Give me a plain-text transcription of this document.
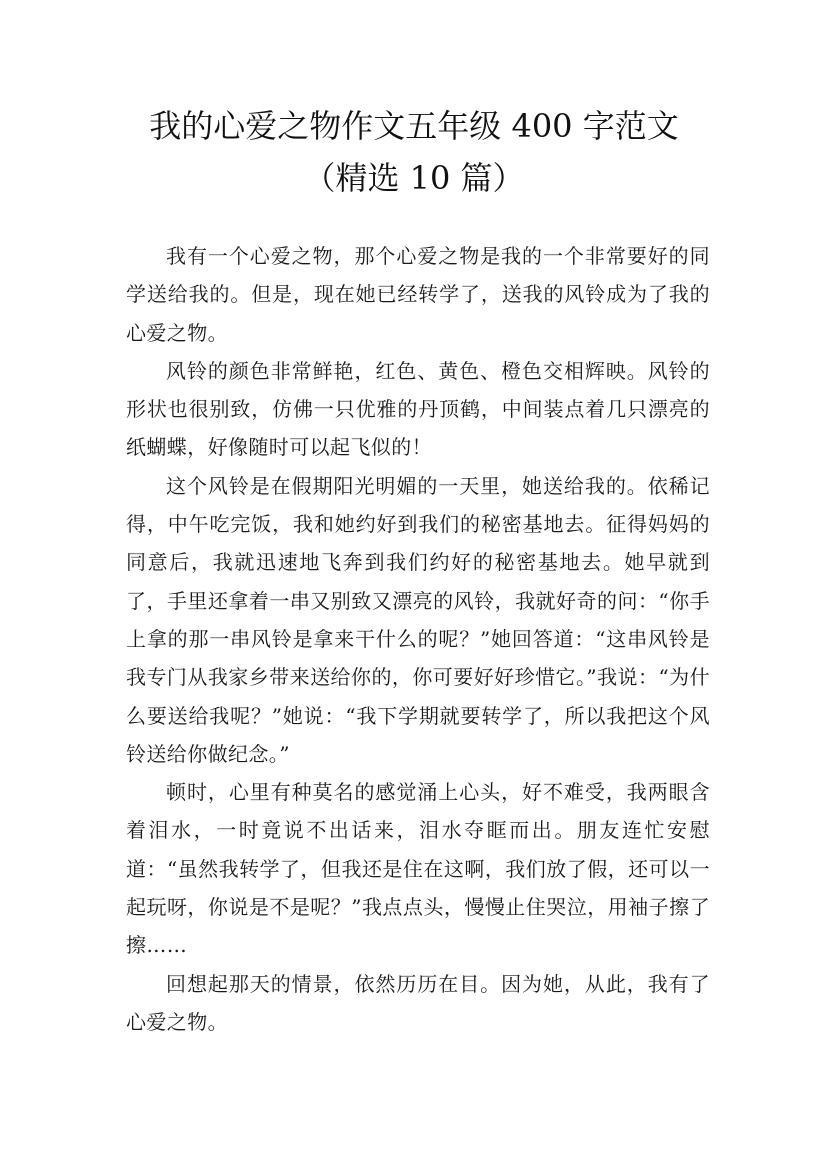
我的心爱之物作文五年级 400 字范文（精选 10 篇）

我有一个心爱之物，那个心爱之物是我的一个非常要好的同学送给我的。但是，现在她已经转学了，送我的风铃成为了我的心爱之物。

风铃的颜色非常鲜艳，红色、黄色、橙色交相辉映。风铃的形状也很别致，仿佛一只优雅的丹顶鹤，中间装点着几只漂亮的纸蝴蝶，好像随时可以起飞似的！

这个风铃是在假期阳光明媚的一天里，她送给我的。依稀记得，中午吃完饭，我和她约好到我们的秘密基地去。征得妈妈的同意后，我就迅速地飞奔到我们约好的秘密基地去。她早就到了，手里还拿着一串又别致又漂亮的风铃，我就好奇的问：“你手上拿的那一串风铃是拿来干什么的呢？”她回答道：“这串风铃是我专门从我家乡带来送给你的，你可要好好珍惜它。”我说：“为什么要送给我呢？”她说：“我下学期就要转学了，所以我把这个风铃送给你做纪念。”

顿时，心里有种莫名的感觉涌上心头，好不难受，我两眼含着泪水，一时竟说不出话来，泪水夺眶而出。朋友连忙安慰道：“虽然我转学了，但我还是住在这啊，我们放了假，还可以一起玩呀，你说是不是呢？”我点点头，慢慢止住哭泣，用袖子擦了擦……

回想起那天的情景，依然历历在目。因为她，从此，我有了心爱之物。
